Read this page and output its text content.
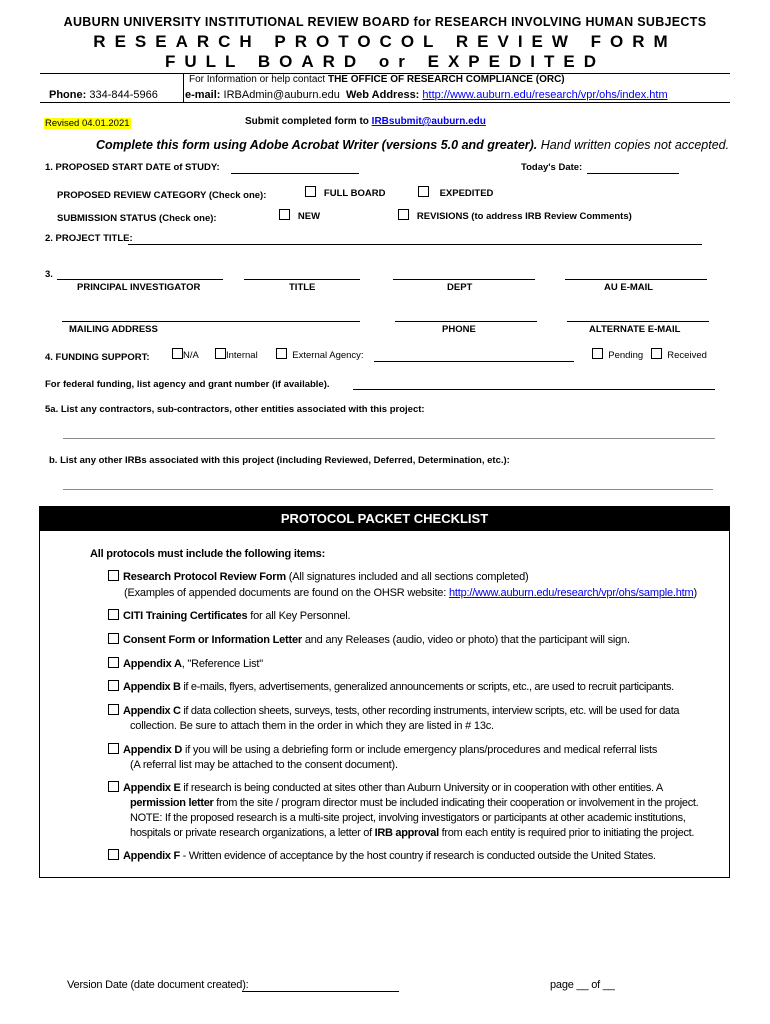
AUBURN UNIVERSITY INSTITUTIONAL REVIEW BOARD for RESEARCH INVOLVING HUMAN SUBJECTS
RESEARCH PROTOCOL REVIEW FORM
FULL BOARD or EXPEDITED
For Information or help contact THE OFFICE OF RESEARCH COMPLIANCE (ORC)
Phone: 334-844-5966 e-mail: IRBAdmin@auburn.edu Web Address: http://www.auburn.edu/research/vpr/ohs/index.htm
Revised 04.01.2021	Submit completed form to IRBsubmit@auburn.edu
Complete this form using Adobe Acrobat Writer (versions 5.0 and greater). Hand written copies not accepted.
1. PROPOSED START DATE of STUDY:	Today's Date:
PROPOSED REVIEW CATEGORY (Check one):	FULL BOARD	EXPEDITED
SUBMISSION STATUS (Check one):	NEW	REVISIONS (to address IRB Review Comments)
2. PROJECT TITLE:
3.
PRINCIPAL INVESTIGATOR	TITLE	DEPT	AU E-MAIL
MAILING ADDRESS	PHONE	ALTERNATE E-MAIL
4. FUNDING SUPPORT:	N/A	Internal	External Agency:	Pending	Received
For federal funding, list agency and grant number (if available).
5a. List any contractors, sub-contractors, other entities associated with this project:
b. List any other IRBs associated with this project (including Reviewed, Deferred, Determination, etc.):
PROTOCOL PACKET CHECKLIST
All protocols must include the following items:
Research Protocol Review Form (All signatures included and all sections completed)
(Examples of appended documents are found on the OHSR website: http://www.auburn.edu/research/vpr/ohs/sample.htm)
CITI Training Certificates for all Key Personnel.
Consent Form or Information Letter and any Releases (audio, video or photo) that the participant will sign.
Appendix A, "Reference List"
Appendix B if e-mails, flyers, advertisements, generalized announcements or scripts, etc., are used to recruit participants.
Appendix C if data collection sheets, surveys, tests, other recording instruments, interview scripts, etc. will be used for data
collection. Be sure to attach them in the order in which they are listed in # 13c.
Appendix D if you will be using a debriefing form or include emergency plans/procedures and medical referral lists
(A referral list may be attached to the consent document).
Appendix E if research is being conducted at sites other than Auburn University or in cooperation with other entities. A
permission letter from the site / program director must be included indicating their cooperation or involvement in the project.
NOTE: If the proposed research is a multi-site project, involving investigators or participants at other academic institutions,
hospitals or private research organizations, a letter of IRB approval from each entity is required prior to initiating the project.
Appendix F - Written evidence of acceptance by the host country if research is conducted outside the United States.
Version Date (date document created):	page __ of __
